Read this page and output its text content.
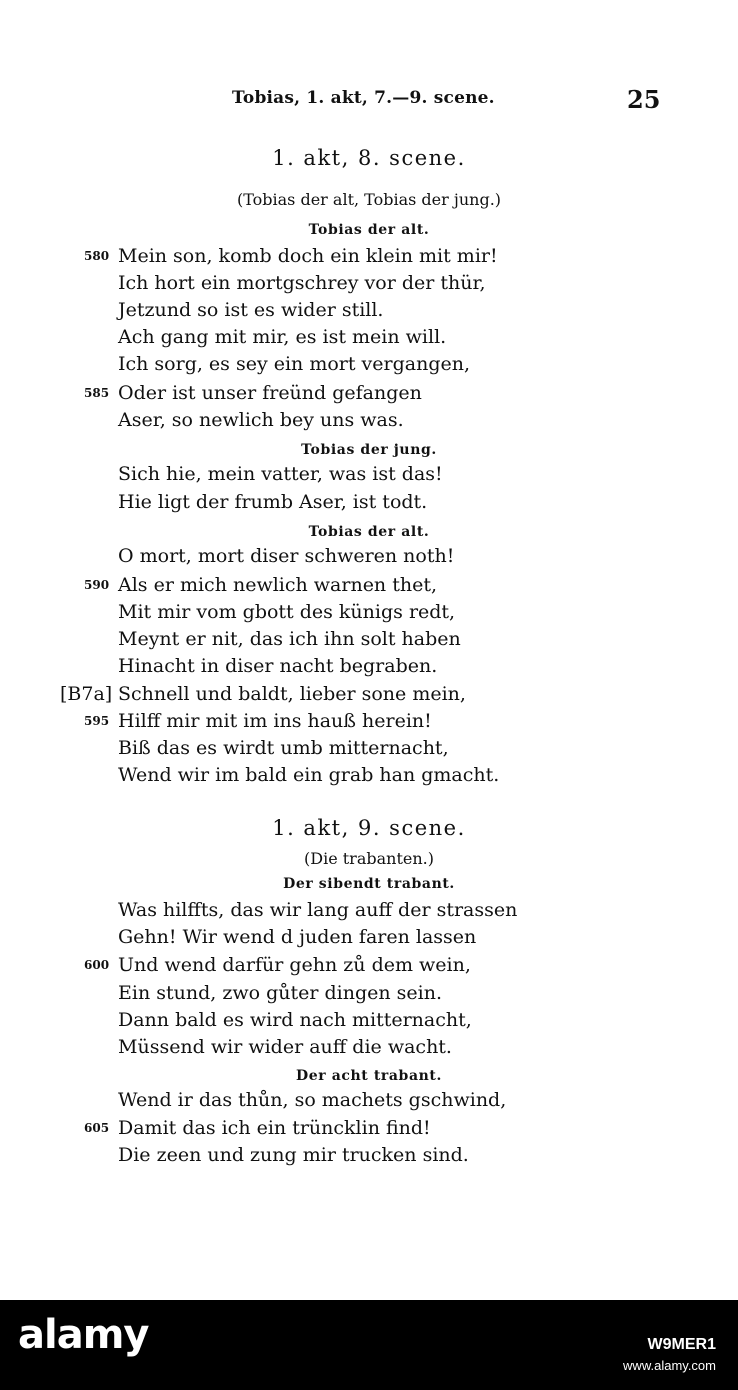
Tobias, 1. akt, 7.—9. scene.	25
1. akt, 8. scene.
(Tobias der alt, Tobias der jung.)
Tobias der alt.
580 Mein son, komb doch ein klein mit mir!
Ich hort ein mortgschrey vor der thür,
Jetzund so ist es wider still.
Ach gang mit mir, es ist mein will.
Ich sorg, es sey ein mort vergangen,
585 Oder ist unser freünd gefangen
Aser, so newlich bey uns was.
Tobias der jung.
Sich hie, mein vatter, was ist das!
Hie ligt der frumb Aser, ist todt.
Tobias der alt.
O mort, mort diser schweren noth!
590 Als er mich newlich warnen thet,
Mit mir vom gbott des künigs redt,
Meynt er nit, das ich ihn solt haben
Hinacht in diser nacht begraben.
[B7a] Schnell und baldt, lieber sone mein,
595 Hilff mir mit im ins hauß herein!
Biß das es wirdt umb mitternacht,
Wend wir im bald ein grab han gmacht.
1. akt, 9. scene.
(Die trabanten.)
Der sibendt trabant.
Was hilffts, das wir lang auff der strassen
Gehn! Wir wend d juden faren lassen
600 Und wend darfür gehn zů dem wein,
Ein stund, zwo gůter dingen sein.
Dann bald es wird nach mitternacht,
Müssend wir wider auff die wacht.
Der acht trabant.
Wend ir das thůn, so machets gschwind,
605 Damit das ich ein trüncklin find!
Die zeen und zung mir trucken sind.
alamy	W9MER1
www.alamy.com
